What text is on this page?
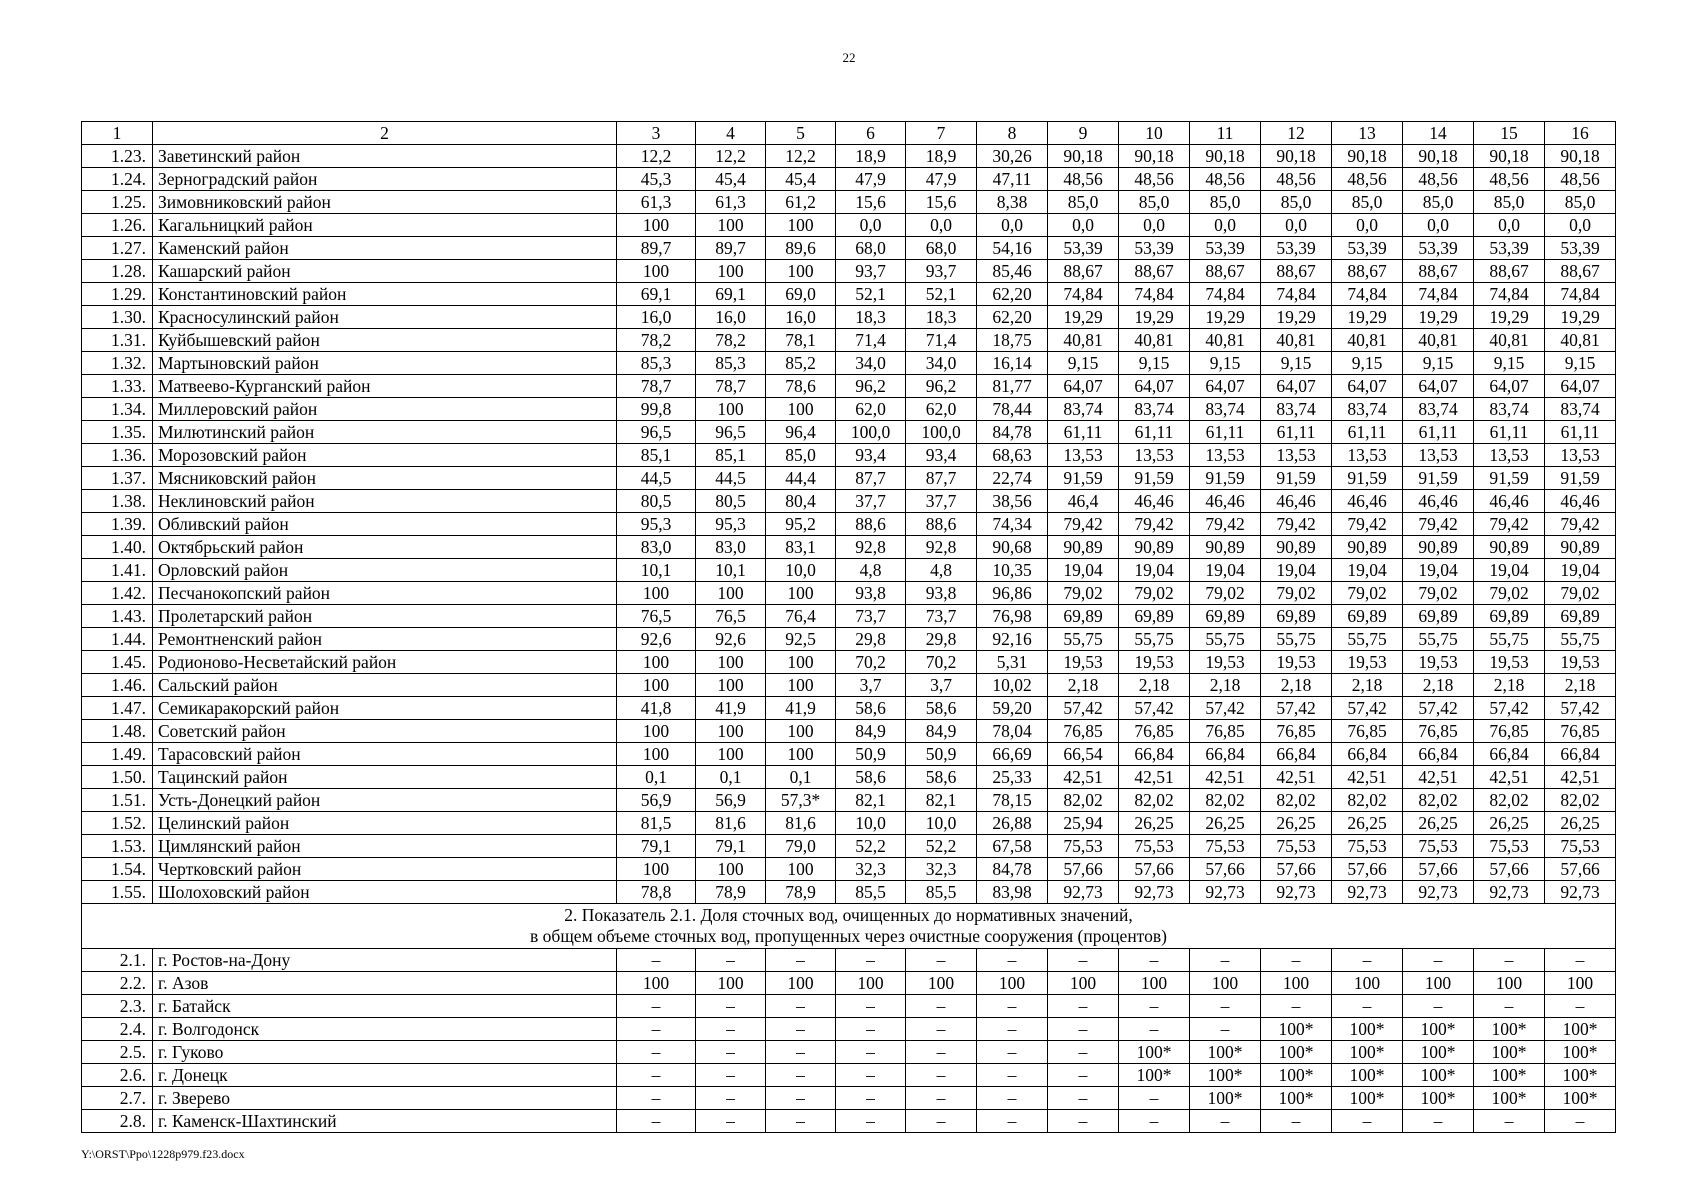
22
1	2	3	4	5	6	7	8	9	10	11	12	13	14	15	16
1.23.	Заветинский район	12,2	12,2	12,2	18,9	18,9	30,26	90,18	90,18	90,18	90,18	90,18	90,18	90,18	90,18
1.24.	Зерноградский район	45,3	45,4	45,4	47,9	47,9	47,11	48,56	48,56	48,56	48,56	48,56	48,56	48,56	48,56
1.25.	Зимовниковский район	61,3	61,3	61,2	15,6	15,6	8,38	85,0	85,0	85,0	85,0	85,0	85,0	85,0	85,0
1.26.	Кагальницкий район	100	100	100	0,0	0,0	0,0	0,0	0,0	0,0	0,0	0,0	0,0	0,0	0,0
1.27.	Каменский район	89,7	89,7	89,6	68,0	68,0	54,16	53,39	53,39	53,39	53,39	53,39	53,39	53,39	53,39
1.28.	Кашарский район	100	100	100	93,7	93,7	85,46	88,67	88,67	88,67	88,67	88,67	88,67	88,67	88,67
1.29.	Константиновский район	69,1	69,1	69,0	52,1	52,1	62,20	74,84	74,84	74,84	74,84	74,84	74,84	74,84	74,84
1.30.	Красносулинский район	16,0	16,0	16,0	18,3	18,3	62,20	19,29	19,29	19,29	19,29	19,29	19,29	19,29	19,29
1.31.	Куйбышевский район	78,2	78,2	78,1	71,4	71,4	18,75	40,81	40,81	40,81	40,81	40,81	40,81	40,81	40,81
1.32.	Мартыновский район	85,3	85,3	85,2	34,0	34,0	16,14	9,15	9,15	9,15	9,15	9,15	9,15	9,15	9,15
1.33.	Матвеево-Курганский район	78,7	78,7	78,6	96,2	96,2	81,77	64,07	64,07	64,07	64,07	64,07	64,07	64,07	64,07
1.34.	Миллеровский район	99,8	100	100	62,0	62,0	78,44	83,74	83,74	83,74	83,74	83,74	83,74	83,74	83,74
1.35.	Милютинский район	96,5	96,5	96,4	100,0	100,0	84,78	61,11	61,11	61,11	61,11	61,11	61,11	61,11	61,11
1.36.	Морозовский район	85,1	85,1	85,0	93,4	93,4	68,63	13,53	13,53	13,53	13,53	13,53	13,53	13,53	13,53
1.37.	Мясниковский район	44,5	44,5	44,4	87,7	87,7	22,74	91,59	91,59	91,59	91,59	91,59	91,59	91,59	91,59
1.38.	Неклиновский район	80,5	80,5	80,4	37,7	37,7	38,56	46,4	46,46	46,46	46,46	46,46	46,46	46,46	46,46
1.39.	Обливский район	95,3	95,3	95,2	88,6	88,6	74,34	79,42	79,42	79,42	79,42	79,42	79,42	79,42	79,42
1.40.	Октябрьский район	83,0	83,0	83,1	92,8	92,8	90,68	90,89	90,89	90,89	90,89	90,89	90,89	90,89	90,89
1.41.	Орловский район	10,1	10,1	10,0	4,8	4,8	10,35	19,04	19,04	19,04	19,04	19,04	19,04	19,04	19,04
1.42.	Песчанокопский район	100	100	100	93,8	93,8	96,86	79,02	79,02	79,02	79,02	79,02	79,02	79,02	79,02
1.43.	Пролетарский район	76,5	76,5	76,4	73,7	73,7	76,98	69,89	69,89	69,89	69,89	69,89	69,89	69,89	69,89
1.44.	Ремонтненский район	92,6	92,6	92,5	29,8	29,8	92,16	55,75	55,75	55,75	55,75	55,75	55,75	55,75	55,75
1.45.	Родионово-Несветайский район	100	100	100	70,2	70,2	5,31	19,53	19,53	19,53	19,53	19,53	19,53	19,53	19,53
1.46.	Сальский район	100	100	100	3,7	3,7	10,02	2,18	2,18	2,18	2,18	2,18	2,18	2,18	2,18
1.47.	Семикаракорский район	41,8	41,9	41,9	58,6	58,6	59,20	57,42	57,42	57,42	57,42	57,42	57,42	57,42	57,42
1.48.	Советский район	100	100	100	84,9	84,9	78,04	76,85	76,85	76,85	76,85	76,85	76,85	76,85	76,85
1.49.	Тарасовский район	100	100	100	50,9	50,9	66,69	66,54	66,84	66,84	66,84	66,84	66,84	66,84	66,84
1.50.	Тацинский район	0,1	0,1	0,1	58,6	58,6	25,33	42,51	42,51	42,51	42,51	42,51	42,51	42,51	42,51
1.51.	Усть-Донецкий район	56,9	56,9	57,3*	82,1	82,1	78,15	82,02	82,02	82,02	82,02	82,02	82,02	82,02	82,02
1.52.	Целинский район	81,5	81,6	81,6	10,0	10,0	26,88	25,94	26,25	26,25	26,25	26,25	26,25	26,25	26,25
1.53.	Цимлянский район	79,1	79,1	79,0	52,2	52,2	67,58	75,53	75,53	75,53	75,53	75,53	75,53	75,53	75,53
1.54.	Чертковский район	100	100	100	32,3	32,3	84,78	57,66	57,66	57,66	57,66	57,66	57,66	57,66	57,66
1.55.	Шолоховский район	78,8	78,9	78,9	85,5	85,5	83,98	92,73	92,73	92,73	92,73	92,73	92,73	92,73	92,73

2. Показатель 2.1. Доля сточных вод, очищенных до нормативных значений,
в общем объеме сточных вод, пропущенных через очистные сооружения (процентов)															

2.1.	г. Ростов-на-Дону	–	–	–	–	–	–	–	–	–	–	–	–	–	–
2.2.	г. Азов	100	100	100	100	100	100	100	100	100	100	100	100	100	100
2.3.	г. Батайск	–	–	–	–	–	–	–	–	–	–	–	–	–	–
2.4.	г. Волгодонск	–	–	–	–	–	–	–	–	–	100*	100*	100*	100*	100*
2.5.	г. Гуково	–	–	–	–	–	–	–	100*	100*	100*	100*	100*	100*	100*
2.6.	г. Донецк	–	–	–	–	–	–	–	100*	100*	100*	100*	100*	100*	100*
2.7.	г. Зверево	–	–	–	–	–	–	–	–	100*	100*	100*	100*	100*	100*
2.8.	г. Каменск-Шахтинский	–	–	–	–	–	–	–	–	–	–	–	–	–	–
Y:\ORST\Ppo\1228p979.f23.docx
